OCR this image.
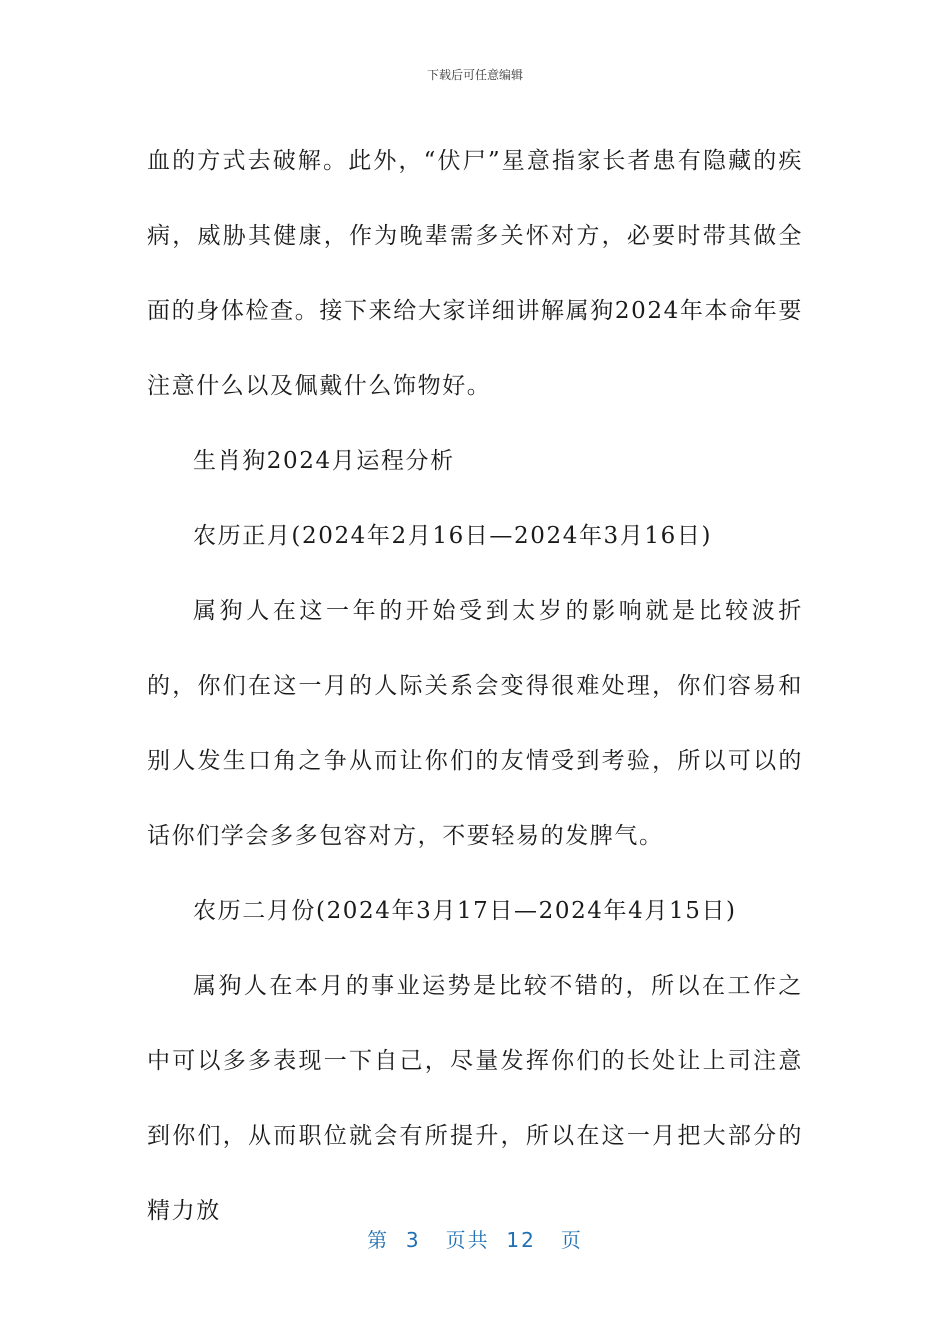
下载后可任意编辑

血的方式去破解。此外，“伏尸”星意指家长者患有隐藏的疾病，威胁其健康，作为晚辈需多关怀对方，必要时带其做全面的身体检查。接下来给大家详细讲解属狗2024年本命年要注意什么以及佩戴什么饰物好。

生肖狗2024月运程分析

农历正月(2024年2月16日—2024年3月16日)

属狗人在这一年的开始受到太岁的影响就是比较波折的，你们在这一月的人际关系会变得很难处理，你们容易和别人发生口角之争从而让你们的友情受到考验，所以可以的话你们学会多多包容对方，不要轻易的发脾气。

农历二月份(2024年3月17日—2024年4月15日)

属狗人在本月的事业运势是比较不错的，所以在工作之中可以多多表现一下自己，尽量发挥你们的长处让上司注意到你们，从而职位就会有所提升，所以在这一月把大部分的精力放

第 3 页共 12 页
